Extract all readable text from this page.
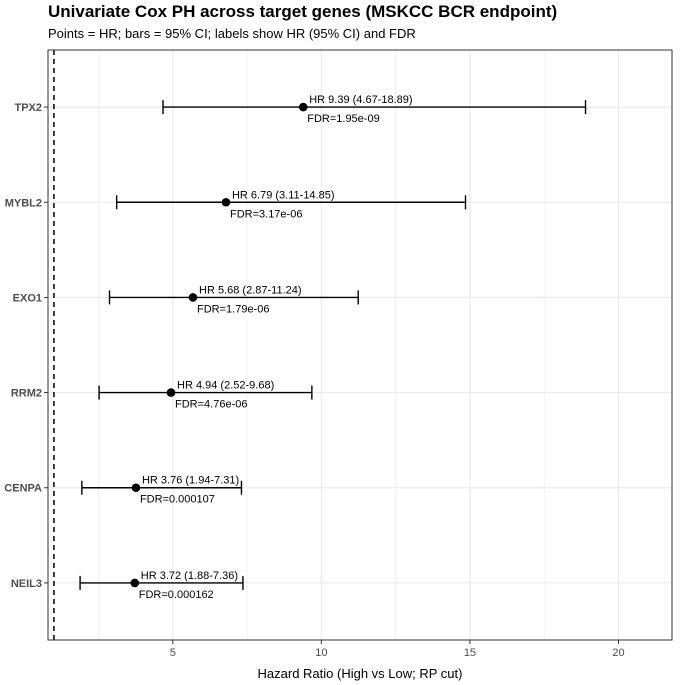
Univariate Cox PH across target genes (MSKCC BCR endpoint)
Points = HR; bars = 95% CI; labels show HR (95% CI) and FDR
HR 9.39 (4.67-18.89)
FDR=1.95e-09
HR 6.79 (3.11-14.85)
FDR=3.17e-06
HR 5.68 (2.87-11.24)
FDR=1.79e-06
HR 4.94 (2.52-9.68)
FDR=4.76e-06
HR 3.76 (1.94-7.31)
FDR=0.000107
HR 3.72 (1.88-7.36)
FDR=0.000162
TPX2
MYBL2
EXO1
RRM2
CENPA
NEIL3
5	10	15	20
Hazard Ratio (High vs Low; RP cut)
